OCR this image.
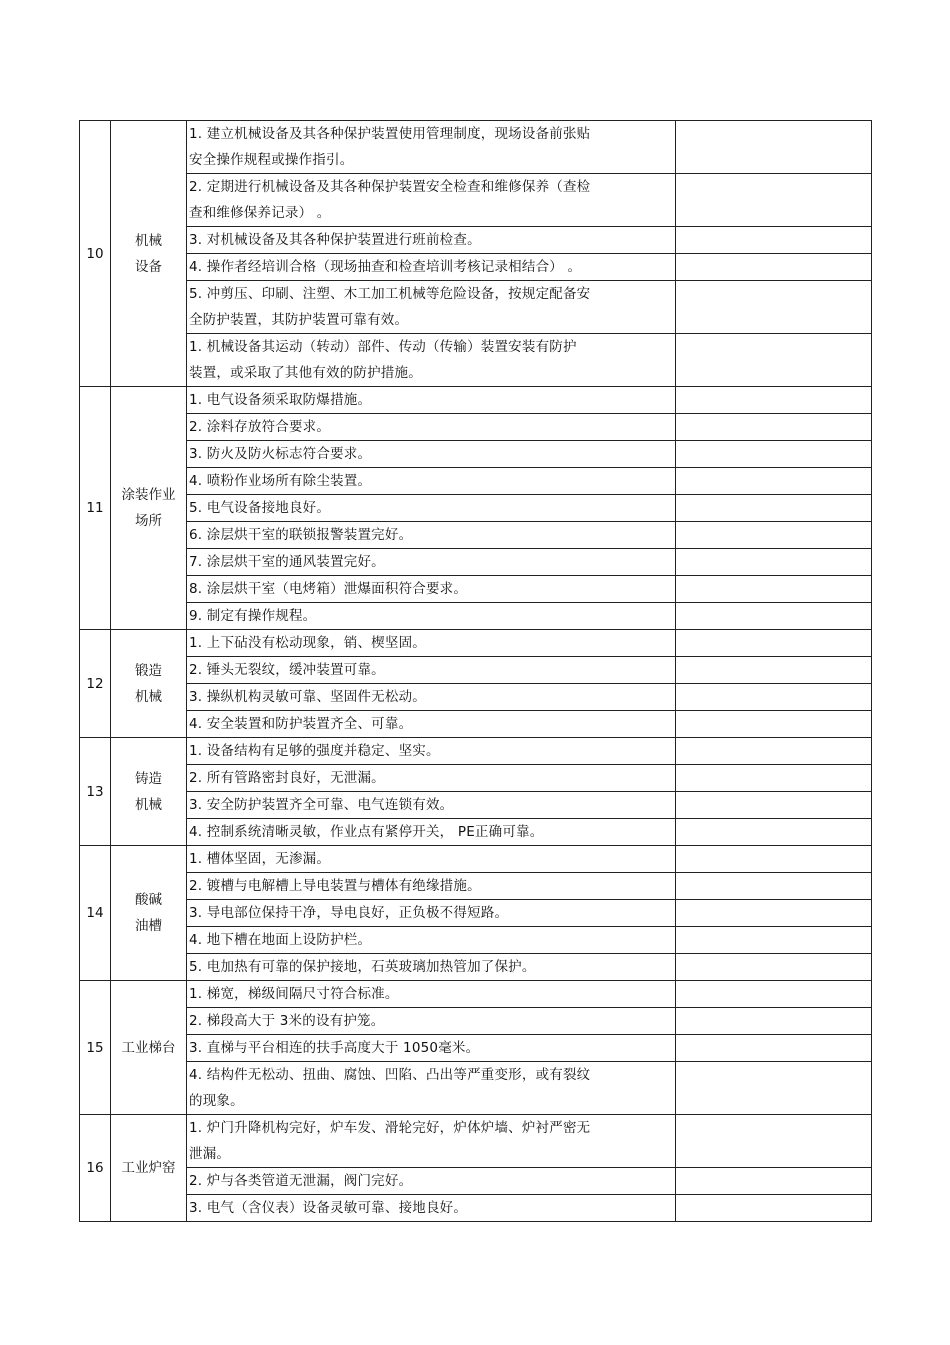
10	机械
设备	1. 建立机械设备及其各种保护装置使用管理制度，现场设备前张贴
安全操作规程或操作指引。	
		2. 定期进行机械设备及其各种保护装置安全检查和维修保养（查检
查和维修保养记录） 。	
		3. 对机械设备及其各种保护装置进行班前检查。	
		4. 操作者经培训合格（现场抽查和检查培训考核记录相结合） 。	
		5. 冲剪压、印刷、注塑、木工加工机械等危险设备，按规定配备安
全防护装置，其防护装置可靠有效。	
		1. 机械设备其运动（转动）部件、传动（传输）装置安装有防护
装置，或采取了其他有效的防护措施。	
11	涂装作业
场所	1. 电气设备须采取防爆措施。	
		2. 涂料存放符合要求。	
		3. 防火及防火标志符合要求。	
		4. 喷粉作业场所有除尘装置。	
		5. 电气设备接地良好。	
		6. 涂层烘干室的联锁报警装置完好。	
		7. 涂层烘干室的通风装置完好。	
		8. 涂层烘干室（电烤箱）泄爆面积符合要求。	
		9. 制定有操作规程。	
12	锻造
机械	1. 上下砧没有松动现象，销、楔坚固。	
		2. 锤头无裂纹，缓冲装置可靠。	
		3. 操纵机构灵敏可靠、坚固件无松动。	
		4. 安全装置和防护装置齐全、可靠。	
13	铸造
机械	1. 设备结构有足够的强度并稳定、坚实。	
		2. 所有管路密封良好，无泄漏。	
		3. 安全防护装置齐全可靠、电气连锁有效。	
		4. 控制系统清晰灵敏，作业点有紧停开关， PE正确可靠。	
14	酸碱
油槽	1. 槽体坚固，无渗漏。	
		2. 镀槽与电解槽上导电装置与槽体有绝缘措施。	
		3. 导电部位保持干净，导电良好，正负极不得短路。	
		4. 地下槽在地面上设防护栏。	
		5. 电加热有可靠的保护接地，石英玻璃加热管加了保护。	
15	工业梯台	1. 梯宽，梯级间隔尺寸符合标准。	
		2. 梯段高大于 3米的设有护笼。	
		3. 直梯与平台相连的扶手高度大于 1050毫米。	
		4. 结构件无松动、扭曲、腐蚀、凹陷、凸出等严重变形，或有裂纹
的现象。	
16	工业炉窑	1. 炉门升降机构完好，炉车发、滑轮完好，炉体炉墙、炉衬严密无
泄漏。	
		2. 炉与各类管道无泄漏，阀门完好。	
		3. 电气（含仪表）设备灵敏可靠、接地良好。	
